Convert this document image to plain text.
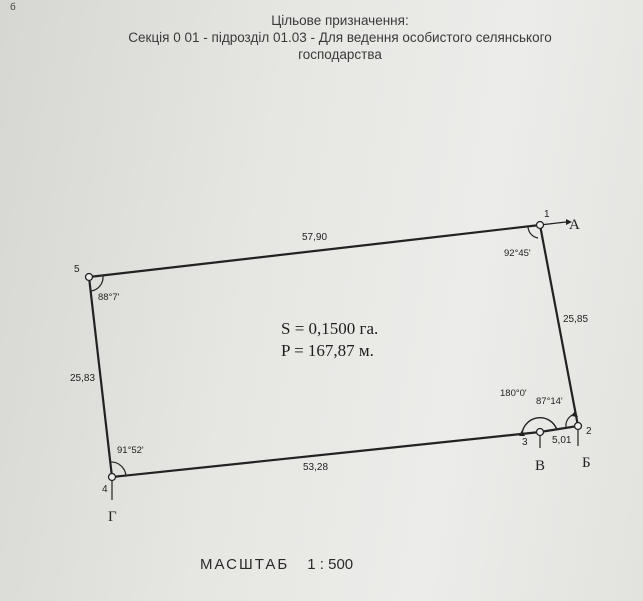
б
Цільове призначення:
Секція 0 01 - підрозділ 01.03 - Для ведення особистого селянського
господарства
1
2
3
4
5
А
Б
В
Г
57,90
25,85
53,28
25,83
5,01
92°45'
87°14'
180°0'
91°52'
88°7'
S = 0,1500 га.
P = 167,87 м.
МАСШТАБ 1 : 500
